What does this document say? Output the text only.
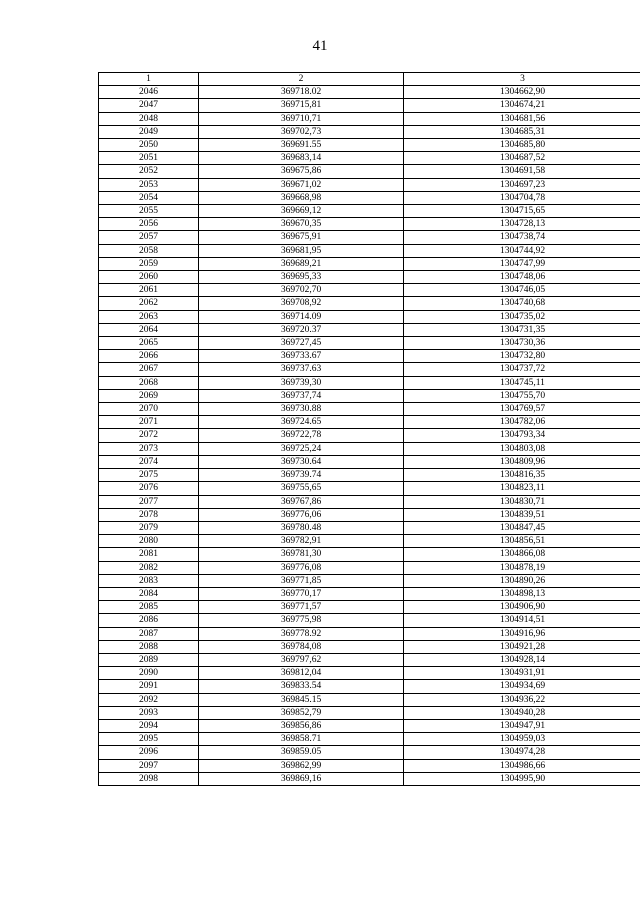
41
1	2	3
2046	369718.02	1304662,90
2047	369715,81	1304674,21
2048	369710,71	1304681,56
2049	369702,73	1304685,31
2050	369691.55	1304685,80
2051	369683,14	1304687,52
2052	369675,86	1304691,58
2053	369671,02	1304697,23
2054	369668,98	1304704,78
2055	369669,12	1304715,65
2056	369670,35	1304728,13
2057	369675,91	1304738,74
2058	369681,95	1304744,92
2059	369689,21	1304747,99
2060	369695,33	1304748,06
2061	369702,70	1304746,05
2062	369708,92	1304740,68
2063	369714.09	1304735,02
2064	369720.37	1304731,35
2065	369727,45	1304730,36
2066	369733.67	1304732,80
2067	369737.63	1304737,72
2068	369739,30	1304745,11
2069	369737,74	1304755,70
2070	369730.88	1304769,57
2071	369724.65	1304782,06
2072	369722,78	1304793,34
2073	369725,24	1304803,08
2074	369730.64	1304809,96
2075	369739.74	1304816,35
2076	369755,65	1304823,11
2077	369767,86	1304830,71
2078	369776,06	1304839,51
2079	369780.48	1304847,45
2080	369782,91	1304856,51
2081	369781,30	1304866,08
2082	369776,08	1304878,19
2083	369771,85	1304890,26
2084	369770,17	1304898,13
2085	369771,57	1304906,90
2086	369775,98	1304914,51
2087	369778.92	1304916,96
2088	369784,08	1304921,28
2089	369797,62	1304928,14
2090	369812,04	1304931,91
2091	369833.54	1304934,69
2092	369845.15	1304936,22
2093	369852,79	1304940,28
2094	369856,86	1304947,91
2095	369858.71	1304959,03
2096	369859.05	1304974,28
2097	369862,99	1304986,66
2098	369869,16	1304995,90
